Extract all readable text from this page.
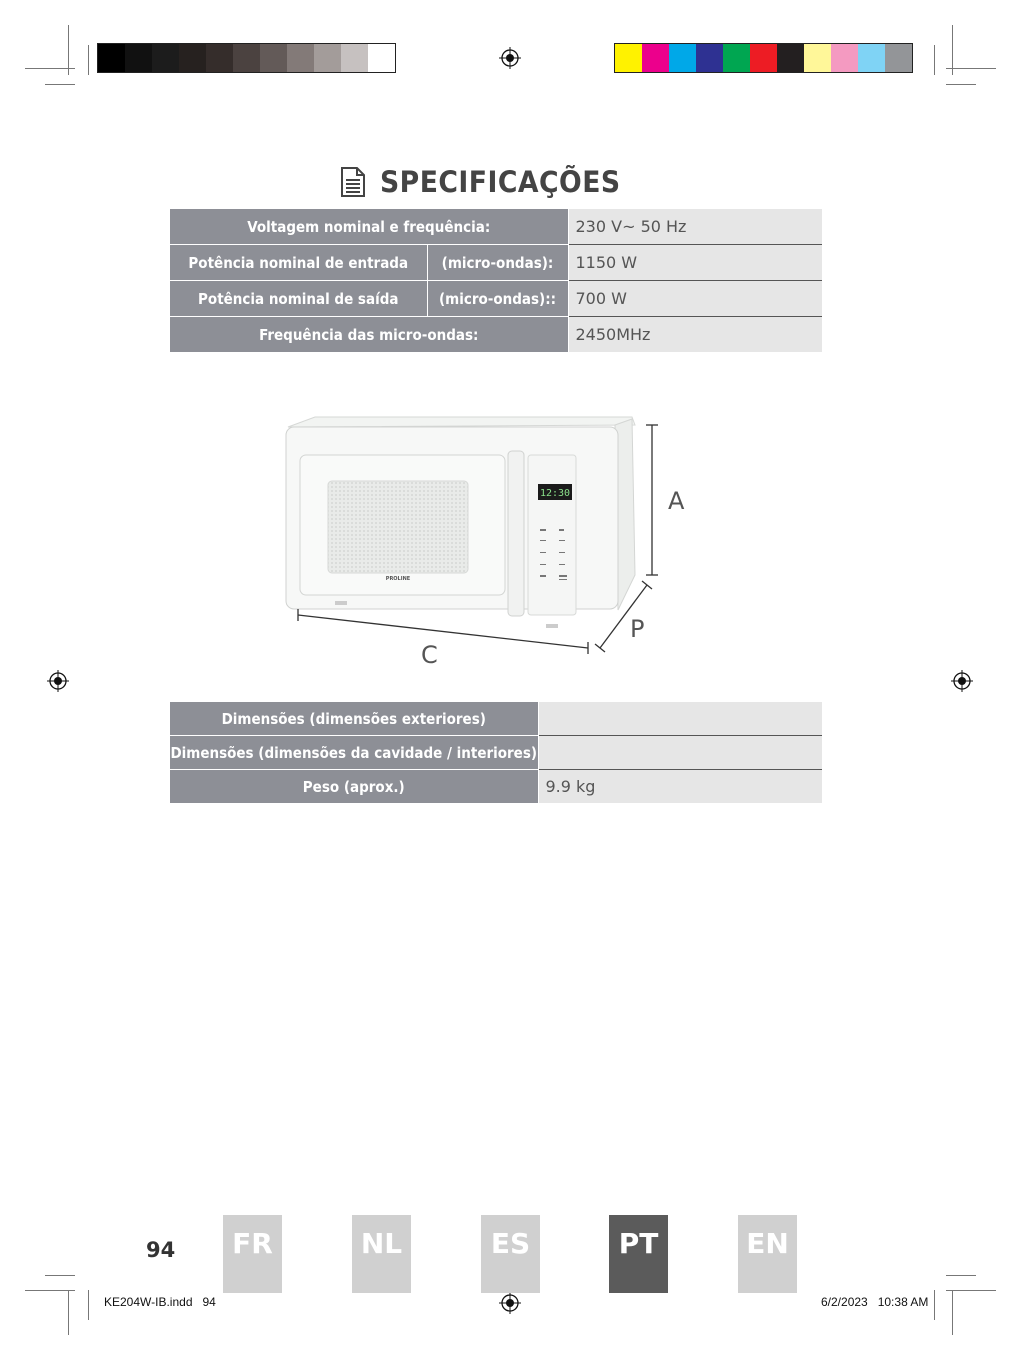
SPECIFICAÇÕES
Voltagem nominal e frequência:		230 V~ 50 Hz
Potência nominal de entrada	(micro-ondas):	1150 W
Potência nominal de saída	(micro-ondas)::	700 W
Frequência das micro-ondas:		2450MHz
12:30
PROLINE
A
P
C
Dimensões (dimensões exteriores)	
Dimensões (dimensões da cavidade / interiores)	
Peso (aprox.)	9.9 kg
94	FR	NL	ES	PT	EN
KE204W-IB.indd   94	6/2/2023   10:38 AM
